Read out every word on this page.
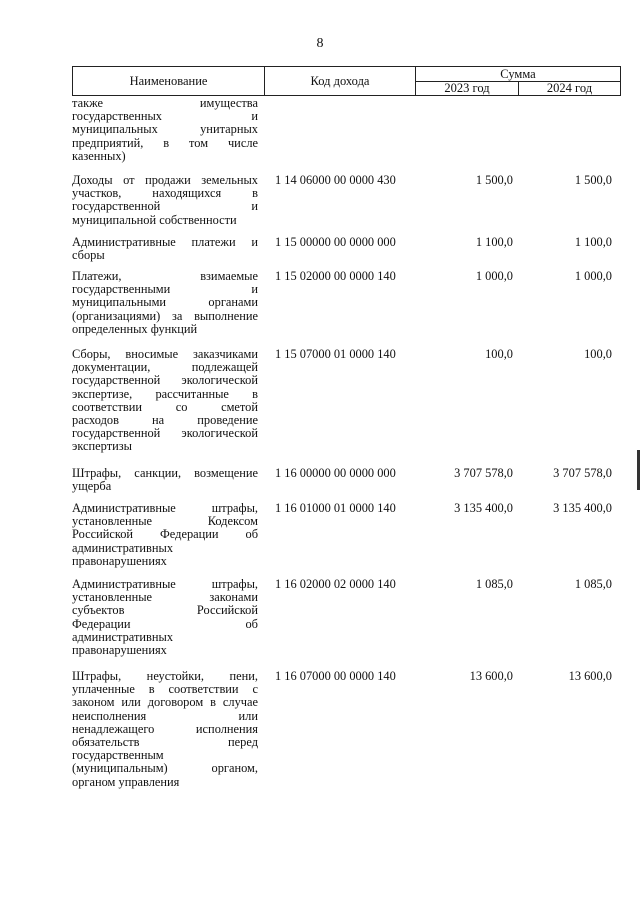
8
Наименование	Код дохода	Сумма
2023 год	2024 год
также имущества
государственных и
муниципальных унитарных
предприятий, в том числе
казенных)
Доходы от продажи земельных
участков, находящихся в
государственной и
муниципальной собственности
1 14 06000 00 0000 430	1 500,0	1 500,0
Административные платежи и
сборы
1 15 00000 00 0000 000	1 100,0	1 100,0
Платежи, взимаемые
государственными и
муниципальными органами
(организациями) за выполнение
определенных функций
1 15 02000 00 0000 140	1 000,0	1 000,0
Сборы, вносимые заказчиками
документации, подлежащей
государственной экологической
экспертизе, рассчитанные в
соответствии со сметой
расходов на проведение
государственной экологической
экспертизы
1 15 07000 01 0000 140	100,0	100,0
Штрафы, санкции, возмещение
ущерба
1 16 00000 00 0000 000	3 707 578,0	3 707 578,0
Административные штрафы,
установленные Кодексом
Российской Федерации об
административных
правонарушениях
1 16 01000 01 0000 140	3 135 400,0	3 135 400,0
Административные штрафы,
установленные законами
субъектов Российской
Федерации об
административных
правонарушениях
1 16 02000 02 0000 140	1 085,0	1 085,0
Штрафы, неустойки, пени,
уплаченные в соответствии с
законом или договором в случае
неисполнения или
ненадлежащего исполнения
обязательств перед
государственным
(муниципальным) органом,
органом управления
1 16 07000 00 0000 140	13 600,0	13 600,0
